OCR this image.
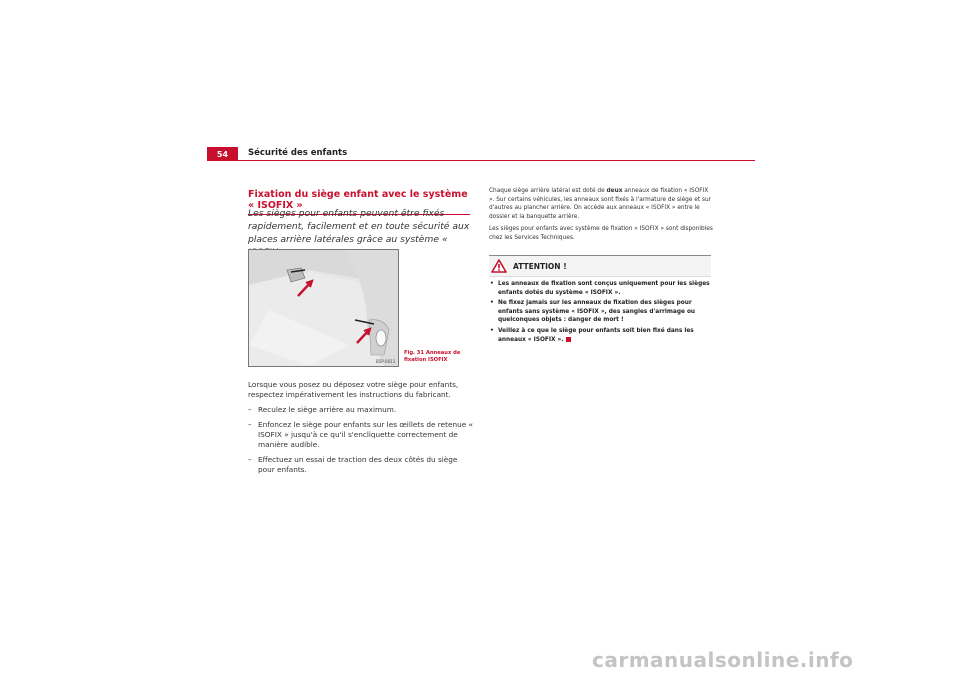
54	Sécurité des enfants
Fixation du siège enfant avec le système « ISOFIX »
Les sièges pour enfants peuvent être fixés rapidement, facilement et en toute sécurité aux places arrière latérales grâce au système «
B5P-0011
Fig. 31 Anneaux de fixation ISOFIX

Lorsque vous posez ou déposez votre siège pour enfants, respectez impérativement les instructions du fabricant.

– Reculez le siège arrière au maximum.
– Enfoncez le siège pour enfants sur les œillets de retenue « ISOFIX » jusqu'à ce qu'il s'encliquette correctement de manière audible.
– Effectuez un essai de traction des deux côtés du siège pour enfants.

Chaque siège arrière latéral est doté de deux anneaux de fixation « ISOFIX ». Sur certains véhicules, les anneaux sont fixés à l'armature de siège et sur d'autres au plancher arrière. On accède aux anneaux « ISOFIX » entre le dossier et la banquette arrière.

Les sièges pour enfants avec système de fixation « ISOFIX » sont disponibles chez les Services Techniques.

ATTENTION !
• Les anneaux de fixation sont conçus uniquement pour les sièges enfants dotés du système « ISOFIX ».
• Ne fixez jamais sur les anneaux de fixation des sièges pour enfants sans système « ISOFIX », des sangles d'arrimage ou quelconques objets : danger de mort !
• Veillez à ce que le siège pour enfants soit bien fixé dans les anneaux « ISOFIX ».
carmanualsonline.info
